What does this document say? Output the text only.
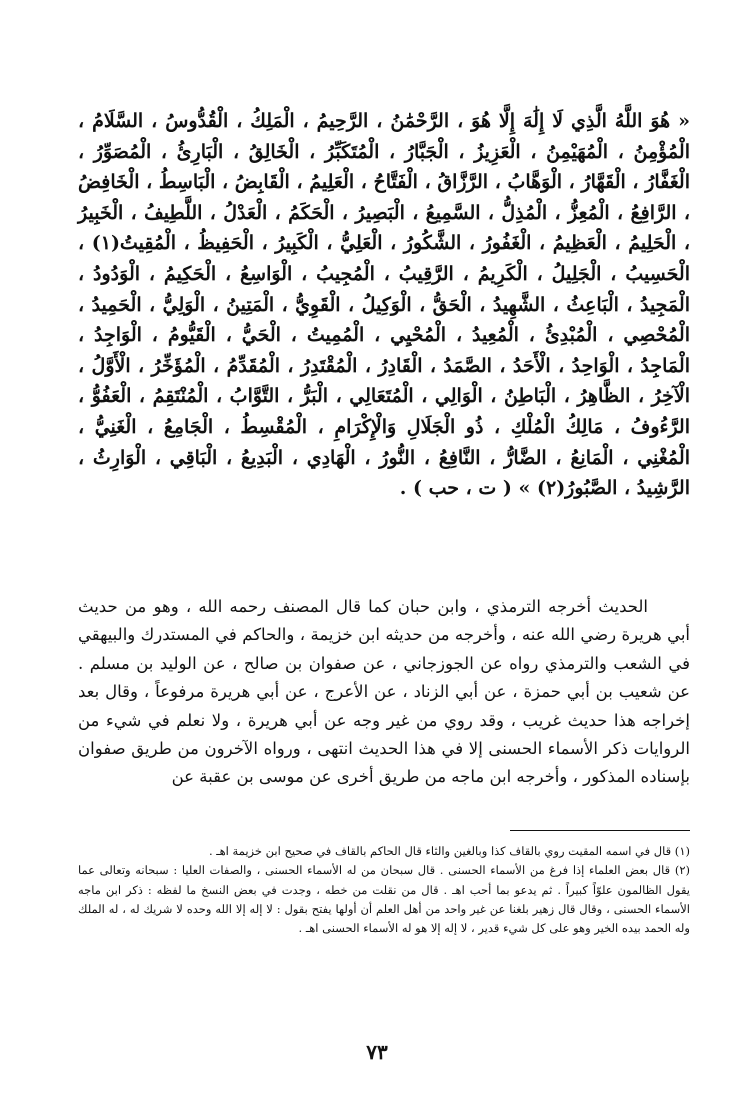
« هُوَ اللَّهُ الَّذِي لَا إِلَٰهَ إِلَّا هُوَ ، الرَّحْمَٰنُ ، الرَّحِيمُ ، الْمَلِكُ ، الْقُدُّوسُ ، السَّلَامُ ، الْمُؤْمِنُ ، الْمُهَيْمِنُ ، الْعَزِيزُ ، الْجَبَّارُ ، الْمُتَكَبِّرُ ، الْخَالِقُ ، الْبَارِئُ ، الْمُصَوِّرُ ، الْغَفَّارُ ، الْقَهَّارُ ، الْوَهَّابُ ، الرَّزَّاقُ ، الْفَتَّاحُ ، الْعَلِيمُ ، الْقَابِضُ ، الْبَاسِطُ ، الْخَافِضُ ، الرَّافِعُ ، الْمُعِزُّ ، الْمُذِلُّ ، السَّمِيعُ ، الْبَصِيرُ ، الْحَكَمُ ، الْعَدْلُ ، اللَّطِيفُ ، الْخَبِيرُ ، الْحَلِيمُ ، الْعَظِيمُ ، الْغَفُورُ ، الشَّكُورُ ، الْعَلِيُّ ، الْكَبِيرُ ، الْحَفِيظُ ، الْمُقِيتُ(١) ، الْحَسِيبُ ، الْجَلِيلُ ، الْكَرِيمُ ، الرَّقِيبُ ، الْمُجِيبُ ، الْوَاسِعُ ، الْحَكِيمُ ، الْوَدُودُ ، الْمَجِيدُ ، الْبَاعِثُ ، الشَّهِيدُ ، الْحَقُّ ، الْوَكِيلُ ، الْقَوِيُّ ، الْمَتِينُ ، الْوَلِيُّ ، الْحَمِيدُ ، الْمُحْصِي ، الْمُبْدِئُ ، الْمُعِيدُ ، الْمُحْيِي ، الْمُمِيتُ ، الْحَيُّ ، الْقَيُّومُ ، الْوَاجِدُ ، الْمَاجِدُ ، الْوَاحِدُ ، الْأَحَدُ ، الصَّمَدُ ، الْقَادِرُ ، الْمُقْتَدِرُ ، الْمُقَدِّمُ ، الْمُؤَخِّرُ ، الْأَوَّلُ ، الْآخِرُ ، الظَّاهِرُ ، الْبَاطِنُ ، الْوَالِي ، الْمُتَعَالِي ، الْبَرُّ ، التَّوَّابُ ، الْمُنْتَقِمُ ، الْعَفُوُّ ، الرَّءُوفُ ، مَالِكُ الْمُلْكِ ، ذُو الْجَلَالِ وَالْإِكْرَامِ ، الْمُقْسِطُ ، الْجَامِعُ ، الْغَنِيُّ ، الْمُغْنِي ، الْمَانِعُ ، الضَّارُّ ، النَّافِعُ ، النُّورُ ، الْهَادِي ، الْبَدِيعُ ، الْبَاقِي ، الْوَارِثُ ، الرَّشِيدُ ، الصَّبُورُ(٢) » ( ت ، حب ) .

الحديث أخرجه الترمذي ، وابن حبان كما قال المصنف رحمه الله ، وهو من حديث أبي هريرة رضي الله عنه ، وأخرجه من حديثه ابن خزيمة ، والحاكم في المستدرك والبيهقي في الشعب والترمذي رواه عن الجوزجاني ، عن صفوان بن صالح ، عن الوليد بن مسلم . عن شعيب بن أبي حمزة ، عن أبي الزناد ، عن الأعرج ، عن أبي هريرة مرفوعاً ، وقال بعد إخراجه هذا حديث غريب ، وقد روي من غير وجه عن أبي هريرة ، ولا نعلم في شيء من الروايات ذكر الأسماء الحسنى إلا في هذا الحديث انتهى ، ورواه الآخرون من طريق صفوان بإسناده المذكور ، وأخرجه ابن ماجه من طريق أخرى عن موسى بن عقبة عن

(١) قال في اسمه المقيت روي بالقاف كذا وبالغين والثاء قال الحاكم بالقاف في صحيح ابن خزيمة اهـ .

(٢) قال بعض العلماء إذا فرغ من الأسماء الحسنى . قال سبحان من له الأسماء الحسنى ، والصفات العليا : سبحانه وتعالى عما يقول الظالمون علوّاً كبيراً . ثم يدعو بما أحب اهـ . قال من نقلت من خطه ، وجدت في بعض النسخ ما لفظه : ذكر ابن ماجه الأسماء الحسنى ، وقال قال زهير بلغنا عن غير واحد من أهل العلم أن أولها يفتح بقول : لا إله إلا الله وحده لا شريك له ، له الملك وله الحمد بيده الخير وهو على كل شيء قدير ، لا إله إلا هو له الأسماء الحسنى اهـ .

٧٣
